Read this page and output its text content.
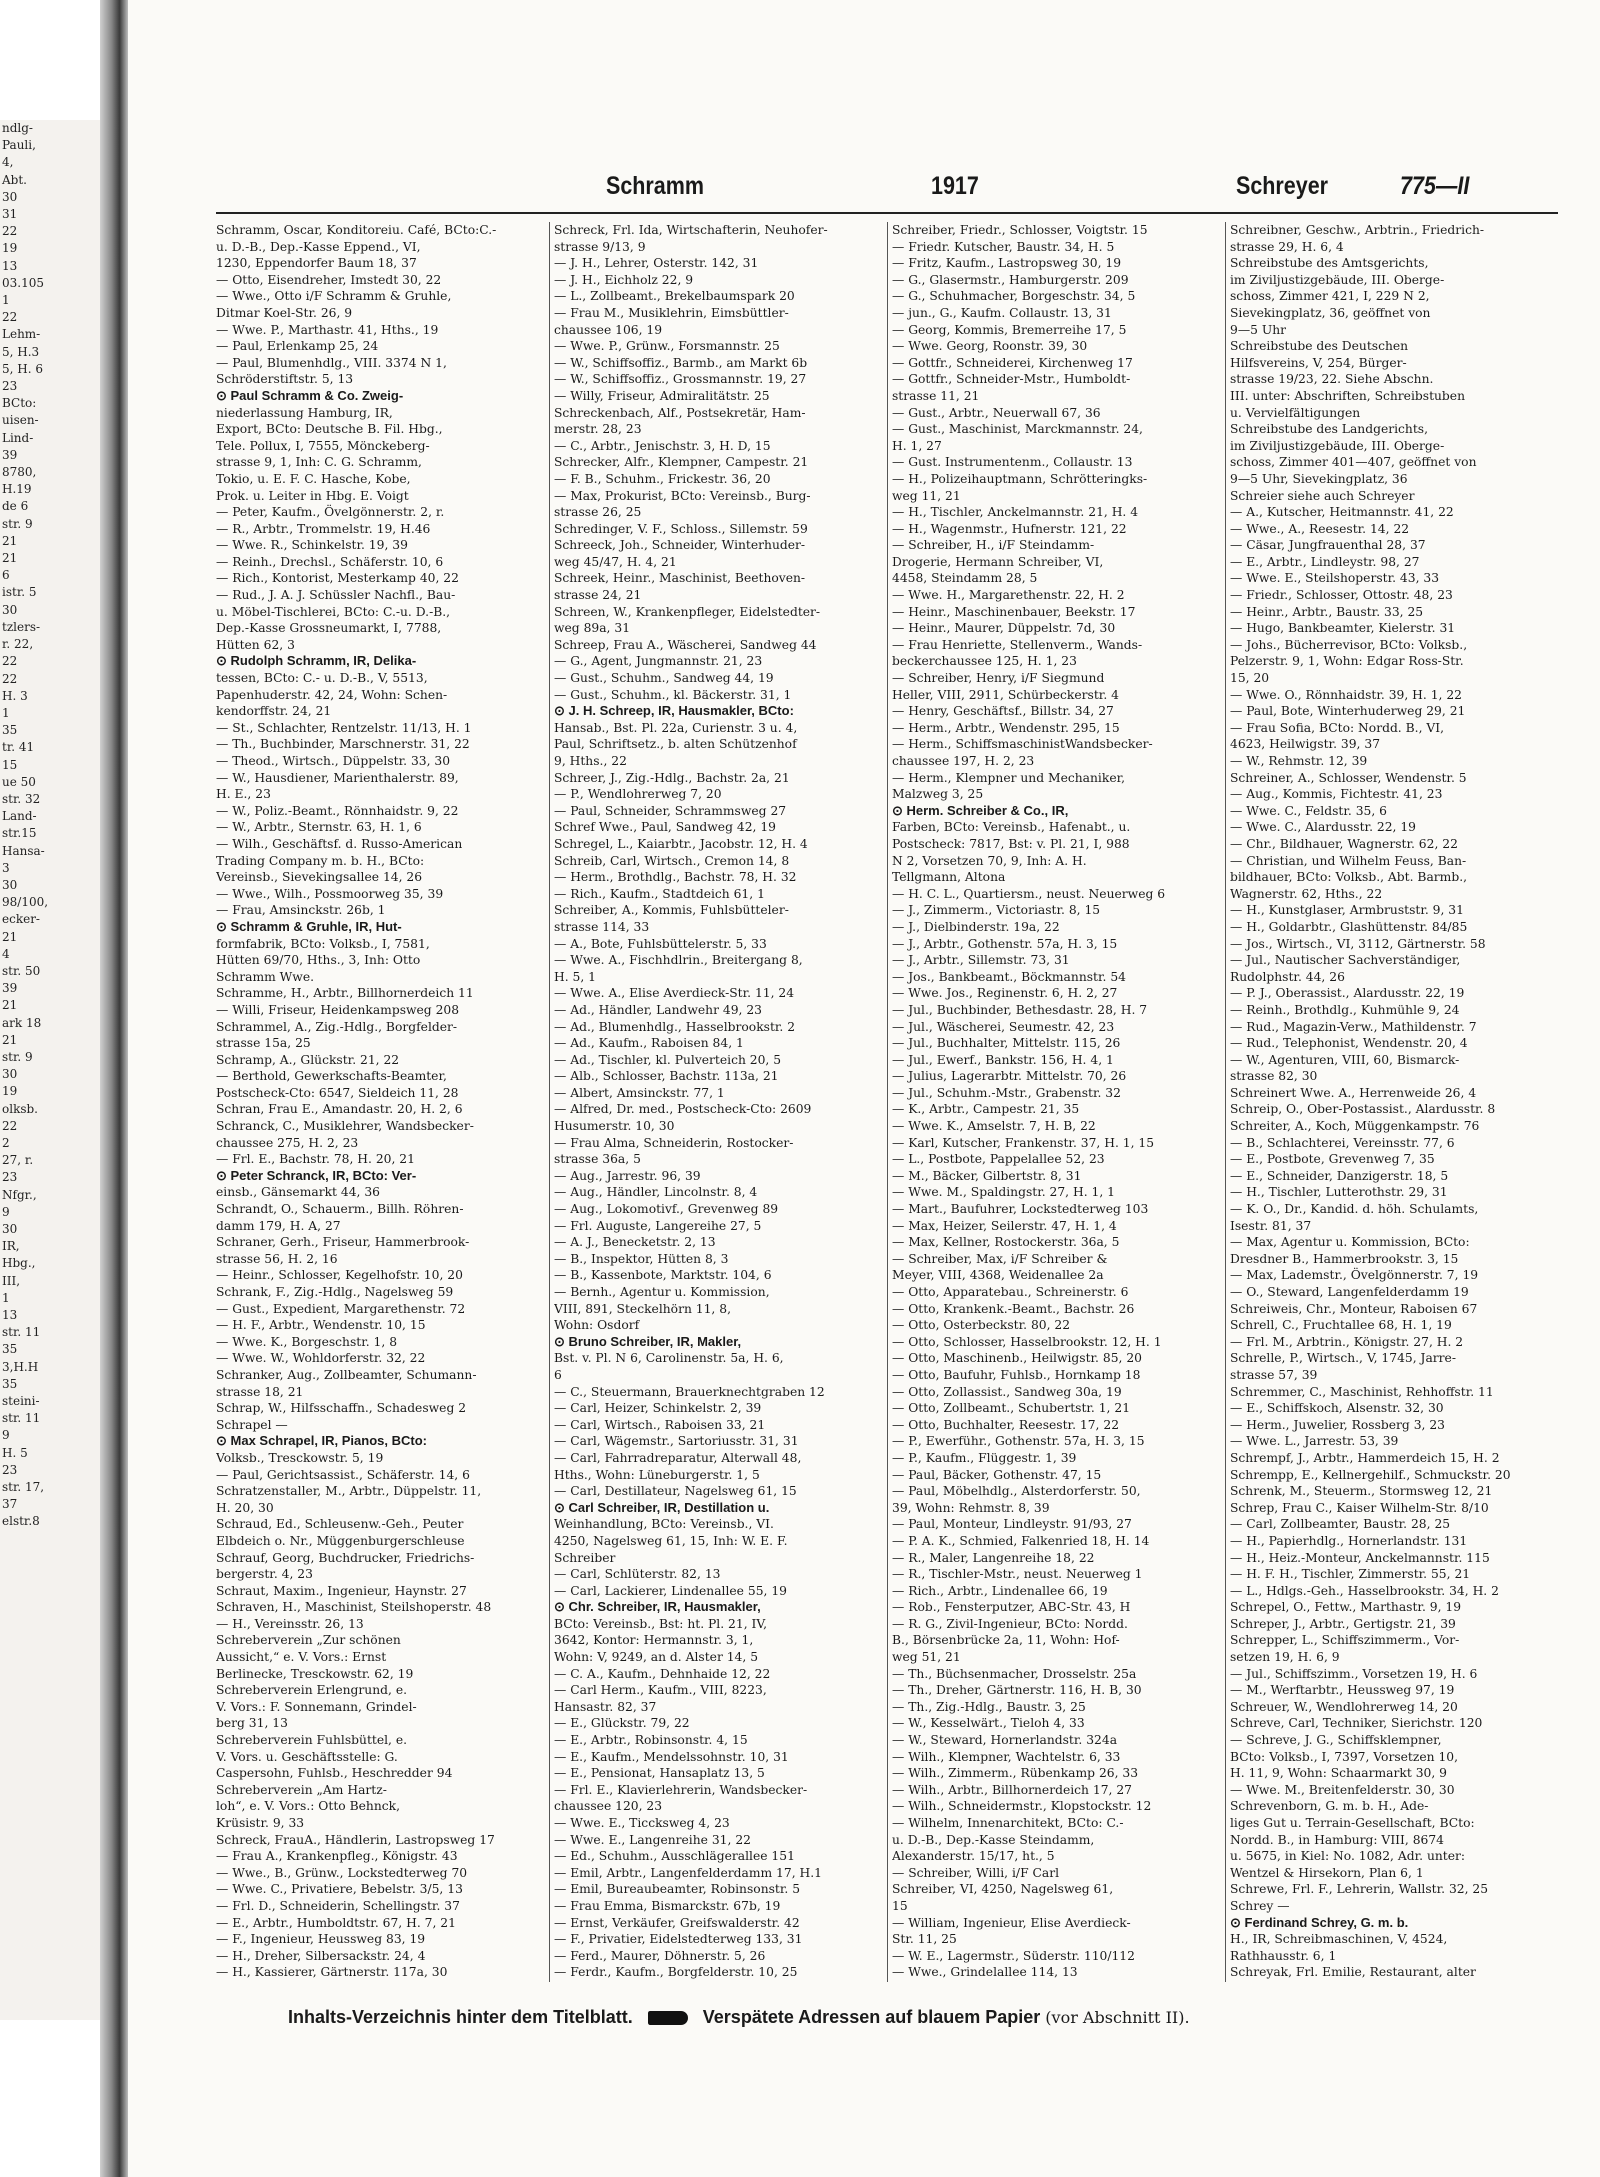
ndlg-
Pauli,
4,
Abt.
30
31
22
19
13
03.105
1
22
Lehm-
5, H.3
5, H. 6
23
BCto:
uisen-
Lind-
39
8780,
H.19
de 6
str. 9
21
21
6
istr. 5
30
tzlers-
r. 22,
22
22
H. 3
1
35
tr. 41
15
ue 50
str. 32
Land-
str.15
Hansa-
3
30
98/100,
ecker-
21
4
str. 50
39
21
ark 18
21
str. 9
30
19
olksb.
22
2
27, r.
23
Nfgr.,
9
30
IR,
Hbg.,
III,
1
13
str. 11
35
3,H.H
35
steini-
str. 11
9
H. 5
23
str. 17,
37
elstr.8
Schramm	1917	Schreyer	775—II
Schramm, Oscar, Konditoreiu. Café, BCto:C.-
u. D.-B., Dep.-Kasse Eppend., VI,
1230, Eppendorfer Baum 18, 37
— Otto, Eisendreher, Imstedt 30, 22
— Wwe., Otto i/F Schramm & Gruhle,
Ditmar Koel-Str. 26, 9
— Wwe. P., Marthastr. 41, Hths., 19
— Paul, Erlenkamp 25, 24
— Paul, Blumenhdlg., VIII. 3374 N 1,
Schröderstiftstr. 5, 13
⊙ Paul Schramm & Co. Zweig-
niederlassung Hamburg, IR,
Export, BCto: Deutsche B. Fil. Hbg.,
Tele. Pollux, I, 7555, Mönckeberg-
strasse 9, 1, Inh: C. G. Schramm,
Tokio, u. E. F. C. Hasche, Kobe,
Prok. u. Leiter in Hbg. E. Voigt
— Peter, Kaufm., Övelgönnerstr. 2, r.
— R., Arbtr., Trommelstr. 19, H.46
— Wwe. R., Schinkelstr. 19, 39
— Reinh., Drechsl., Schäferstr. 10, 6
— Rich., Kontorist, Mesterkamp 40, 22
— Rud., J. A. J. Schüssler Nachfl., Bau-
u. Möbel-Tischlerei, BCto: C.-u. D.-B.,
Dep.-Kasse Grossneumarkt, I, 7788,
Hütten 62, 3
⊙ Rudolph Schramm, IR, Delika-
tessen, BCto: C.- u. D.-B., V, 5513,
Papenhuderstr. 42, 24, Wohn: Schen-
kendorffstr. 24, 21
— St., Schlachter, Rentzelstr. 11/13, H. 1
— Th., Buchbinder, Marschnerstr. 31, 22
— Theod., Wirtsch., Düppelstr. 33, 30
— W., Hausdiener, Marienthalerstr. 89,
H. E., 23
— W., Poliz.-Beamt., Rönnhaidstr. 9, 22
— W., Arbtr., Sternstr. 63, H. 1, 6
— Wilh., Geschäftsf. d. Russo-American
Trading Company m. b. H., BCto:
Vereinsb., Sievekingsallee 14, 26
— Wwe., Wilh., Possmoorweg 35, 39
— Frau, Amsinckstr. 26b, 1
⊙ Schramm & Gruhle, IR, Hut-
formfabrik, BCto: Volksb., I, 7581,
Hütten 69/70, Hths., 3, Inh: Otto
Schramm Wwe.
Schramme, H., Arbtr., Billhornerdeich 11
— Willi, Friseur, Heidenkampsweg 208
Schrammel, A., Zig.-Hdlg., Borgfelder-
strasse 15a, 25
Schramp, A., Glückstr. 21, 22
— Berthold, Gewerkschafts-Beamter,
Postscheck-Cto: 6547, Sieldeich 11, 28
Schran, Frau E., Amandastr. 20, H. 2, 6
Schranck, C., Musiklehrer, Wandsbecker-
chaussee 275, H. 2, 23
— Frl. E., Bachstr. 78, H. 20, 21
⊙ Peter Schranck, IR, BCto: Ver-
einsb., Gänsemarkt 44, 36
Schrandt, O., Schauerm., Billh. Röhren-
damm 179, H. A, 27
Schraner, Gerh., Friseur, Hammerbrook-
strasse 56, H. 2, 16
— Heinr., Schlosser, Kegelhofstr. 10, 20
Schrank, F., Zig.-Hdlg., Nagelsweg 59
— Gust., Expedient, Margarethenstr. 72
— H. F., Arbtr., Wendenstr. 10, 15
— Wwe. K., Borgeschstr. 1, 8
— Wwe. W., Wohldorferstr. 32, 22
Schranker, Aug., Zollbeamter, Schumann-
strasse 18, 21
Schrap, W., Hilfsschaffn., Schadesweg 2
Schrapel —
⊙ Max Schrapel, IR, Pianos, BCto:
Volksb., Tresckowstr. 5, 19
— Paul, Gerichtsassist., Schäferstr. 14, 6
Schratzenstaller, M., Arbtr., Düppelstr. 11,
H. 20, 30
Schraud, Ed., Schleusenw.-Geh., Peuter
Elbdeich o. Nr., Müggenburgerschleuse
Schrauf, Georg, Buchdrucker, Friedrichs-
bergerstr. 4, 23
Schraut, Maxim., Ingenieur, Haynstr. 27
Schraven, H., Maschinist, Steilshoperstr. 48
— H., Vereinsstr. 26, 13
Schreberverein „Zur schönen
Aussicht,“ e. V. Vors.: Ernst
Berlinecke, Tresckowstr. 62, 19
Schreberverein Erlengrund, e.
V. Vors.: F. Sonnemann, Grindel-
berg 31, 13
Schreberverein Fuhlsbüttel, e.
V. Vors. u. Geschäftsstelle: G.
Caspersohn, Fuhlsb., Heschredder 94
Schreberverein „Am Hartz-
loh“, e. V. Vors.: Otto Behnck,
Krüsistr. 9, 33
Schreck, FrauA., Händlerin, Lastropsweg 17
— Frau A., Krankenpfleg., Königstr. 43
— Wwe., B., Grünw., Lockstedterweg 70
— Wwe. C., Privatiere, Bebelstr. 3/5, 13
— Frl. D., Schneiderin, Schellingstr. 37
— E., Arbtr., Humboldtstr. 67, H. 7, 21
— F., Ingenieur, Heussweg 83, 19
— H., Dreher, Silbersackstr. 24, 4
— H., Kassierer, Gärtnerstr. 117a, 30
Schreck, Frl. Ida, Wirtschafterin, Neuhofer-
strasse 9/13, 9
— J. H., Lehrer, Osterstr. 142, 31
— J. H., Eichholz 22, 9
— L., Zollbeamt., Brekelbaumspark 20
— Frau M., Musiklehrin, Eimsbüttler-
chaussee 106, 19
— Wwe. P., Grünw., Forsmannstr. 25
— W., Schiffsoffiz., Barmb., am Markt 6b
— W., Schiffsoffiz., Grossmannstr. 19, 27
— Willy, Friseur, Admiralitätstr. 25
Schreckenbach, Alf., Postsekretär, Ham-
merstr. 28, 23
— C., Arbtr., Jenischstr. 3, H. D, 15
Schrecker, Alfr., Klempner, Campestr. 21
— F. B., Schuhm., Frickestr. 36, 20
— Max, Prokurist, BCto: Vereinsb., Burg-
strasse 26, 25
Schredinger, V. F., Schloss., Sillemstr. 59
Schreeck, Joh., Schneider, Winterhuder-
weg 45/47, H. 4, 21
Schreek, Heinr., Maschinist, Beethoven-
strasse 24, 21
Schreen, W., Krankenpfleger, Eidelstedter-
weg 89a, 31
Schreep, Frau A., Wäscherei, Sandweg 44
— G., Agent, Jungmannstr. 21, 23
— Gust., Schuhm., Sandweg 44, 19
— Gust., Schuhm., kl. Bäckerstr. 31, 1
⊙ J. H. Schreep, IR, Hausmakler, BCto:
Hansab., Bst. Pl. 22a, Curienstr. 3 u. 4,
Paul, Schriftsetz., b. alten Schützenhof
9, Hths., 22
Schreer, J., Zig.-Hdlg., Bachstr. 2a, 21
— P., Wendlohrerweg 7, 20
— Paul, Schneider, Schrammsweg 27
Schref Wwe., Paul, Sandweg 42, 19
Schregel, L., Kaiarbtr., Jacobstr. 12, H. 4
Schreib, Carl, Wirtsch., Cremon 14, 8
— Herm., Brothdlg., Bachstr. 78, H. 32
— Rich., Kaufm., Stadtdeich 61, 1
Schreiber, A., Kommis, Fuhlsbütteler-
strasse 114, 33
— A., Bote, Fuhlsbüttelerstr. 5, 33
— Wwe. A., Fischhdlrin., Breitergang 8,
H. 5, 1
— Wwe. A., Elise Averdieck-Str. 11, 24
— Ad., Händler, Landwehr 49, 23
— Ad., Blumenhdlg., Hasselbrookstr. 2
— Ad., Kaufm., Raboisen 84, 1
— Ad., Tischler, kl. Pulverteich 20, 5
— Alb., Schlosser, Bachstr. 113a, 21
— Albert, Amsinckstr. 77, 1
— Alfred, Dr. med., Postscheck-Cto: 2609
Husumerstr. 10, 30
— Frau Alma, Schneiderin, Rostocker-
strasse 36a, 5
— Aug., Jarrestr. 96, 39
— Aug., Händler, Lincolnstr. 8, 4
— Aug., Lokomotivf., Grevenweg 89
— Frl. Auguste, Langereihe 27, 5
— A. J., Benecketstr. 2, 13
— B., Inspektor, Hütten 8, 3
— B., Kassenbote, Marktstr. 104, 6
— Bernh., Agentur u. Kommission,
VIII, 891, Steckelhörn 11, 8,
Wohn: Osdorf
⊙ Bruno Schreiber, IR, Makler,
Bst. v. Pl. N 6, Carolinenstr. 5a, H. 6,
6
— C., Steuermann, Brauerknechtgraben 12
— Carl, Heizer, Schinkelstr. 2, 39
— Carl, Wirtsch., Raboisen 33, 21
— Carl, Wägemstr., Sartoriusstr. 31, 31
— Carl, Fahrradreparatur, Alterwall 48,
Hths., Wohn: Lüneburgerstr. 1, 5
— Carl, Destillateur, Nagelsweg 61, 15
⊙ Carl Schreiber, IR, Destillation u.
Weinhandlung, BCto: Vereinsb., VI.
4250, Nagelsweg 61, 15, Inh: W. E. F.
Schreiber
— Carl, Schlüterstr. 82, 13
— Carl, Lackierer, Lindenallee 55, 19
⊙ Chr. Schreiber, IR, Hausmakler,
BCto: Vereinsb., Bst: ht. Pl. 21, IV,
3642, Kontor: Hermannstr. 3, 1,
Wohn: V, 9249, an d. Alster 14, 5
— C. A., Kaufm., Dehnhaide 12, 22
— Carl Herm., Kaufm., VIII, 8223,
Hansastr. 82, 37
— E., Glückstr. 79, 22
— E., Arbtr., Robinsonstr. 4, 15
— E., Kaufm., Mendelssohnstr. 10, 31
— E., Pensionat, Hansaplatz 13, 5
— Frl. E., Klavierlehrerin, Wandsbecker-
chaussee 120, 23
— Wwe. E., Ticcksweg 4, 23
— Wwe. E., Langenreihe 31, 22
— Ed., Schuhm., Ausschlägerallee 151
— Emil, Arbtr., Langenfelderdamm 17, H.1
— Emil, Bureaubeamter, Robinsonstr. 5
— Frau Emma, Bismarckstr. 67b, 19
— Ernst, Verkäufer, Greifswalderstr. 42
— F., Privatier, Eidelstedterweg 133, 31
— Ferd., Maurer, Döhnerstr. 5, 26
— Ferdr., Kaufm., Borgfelderstr. 10, 25
Schreiber, Friedr., Schlosser, Voigtstr. 15
— Friedr. Kutscher, Baustr. 34, H. 5
— Fritz, Kaufm., Lastropsweg 30, 19
— G., Glasermstr., Hamburgerstr. 209
— G., Schuhmacher, Borgeschstr. 34, 5
— jun., G., Kaufm. Collaustr. 13, 31
— Georg, Kommis, Bremerreihe 17, 5
— Wwe. Georg, Roonstr. 39, 30
— Gottfr., Schneiderei, Kirchenweg 17
— Gottfr., Schneider-Mstr., Humboldt-
strasse 11, 21
— Gust., Arbtr., Neuerwall 67, 36
— Gust., Maschinist, Marckmannstr. 24,
H. 1, 27
— Gust. Instrumentenm., Collaustr. 13
— H., Polizeihauptmann, Schrötteringks-
weg 11, 21
— H., Tischler, Anckelmannstr. 21, H. 4
— H., Wagenmstr., Hufnerstr. 121, 22
— Schreiber, H., i/F Steindamm-
Drogerie, Hermann Schreiber, VI,
4458, Steindamm 28, 5
— Wwe. H., Margarethenstr. 22, H. 2
— Heinr., Maschinenbauer, Beekstr. 17
— Heinr., Maurer, Düppelstr. 7d, 30
— Frau Henriette, Stellenverm., Wands-
beckerchaussee 125, H. 1, 23
— Schreiber, Henry, i/F Siegmund
Heller, VIII, 2911, Schürbeckerstr. 4
— Henry, Geschäftsf., Billstr. 34, 27
— Herm., Arbtr., Wendenstr. 295, 15
— Herm., SchiffsmaschinistWandsbecker-
chaussee 197, H. 2, 23
— Herm., Klempner und Mechaniker,
Malzweg 3, 25
⊙ Herm. Schreiber & Co., IR,
Farben, BCto: Vereinsb., Hafenabt., u.
Postscheck: 7817, Bst: v. Pl. 21, I, 988
N 2, Vorsetzen 70, 9, Inh: A. H.
Tellgmann, Altona
— H. C. L., Quartiersm., neust. Neuerweg 6
— J., Zimmerm., Victoriastr. 8, 15
— J., Dielbinderstr. 19a, 22
— J., Arbtr., Gothenstr. 57a, H. 3, 15
— J., Arbtr., Sillemstr. 73, 31
— Jos., Bankbeamt., Böckmannstr. 54
— Wwe. Jos., Reginenstr. 6, H. 2, 27
— Jul., Buchbinder, Bethesdastr. 28, H. 7
— Jul., Wäscherei, Seumestr. 42, 23
— Jul., Buchhalter, Mittelstr. 115, 26
— Jul., Ewerf., Bankstr. 156, H. 4, 1
— Julius, Lagerarbtr. Mittelstr. 70, 26
— Jul., Schuhm.-Mstr., Grabenstr. 32
— K., Arbtr., Campestr. 21, 35
— Wwe. K., Amselstr. 7, H. B, 22
— Karl, Kutscher, Frankenstr. 37, H. 1, 15
— L., Postbote, Pappelallee 52, 23
— M., Bäcker, Gilbertstr. 8, 31
— Wwe. M., Spaldingstr. 27, H. 1, 1
— Mart., Baufuhrer, Lockstedterweg 103
— Max, Heizer, Seilerstr. 47, H. 1, 4
— Max, Kellner, Rostockerstr. 36a, 5
— Schreiber, Max, i/F Schreiber &
Meyer, VIII, 4368, Weidenallee 2a
— Otto, Apparatebau., Schreinerstr. 6
— Otto, Krankenk.-Beamt., Bachstr. 26
— Otto, Osterbeckstr. 80, 22
— Otto, Schlosser, Hasselbrookstr. 12, H. 1
— Otto, Maschinenb., Heilwigstr. 85, 20
— Otto, Baufuhr, Fuhlsb., Hornkamp 18
— Otto, Zollassist., Sandweg 30a, 19
— Otto, Zollbeamt., Schubertstr. 1, 21
— Otto, Buchhalter, Reesestr. 17, 22
— P., Ewerführ., Gothenstr. 57a, H. 3, 15
— P., Kaufm., Flüggestr. 1, 39
— Paul, Bäcker, Gothenstr. 47, 15
— Paul, Möbelhdlg., Alsterdorferstr. 50,
39, Wohn: Rehmstr. 8, 39
— Paul, Monteur, Lindleystr. 91/93, 27
— P. A. K., Schmied, Falkenried 18, H. 14
— R., Maler, Langenreihe 18, 22
— R., Tischler-Mstr., neust. Neuerweg 1
— Rich., Arbtr., Lindenallee 66, 19
— Rob., Fensterputzer, ABC-Str. 43, H
— R. G., Zivil-Ingenieur, BCto: Nordd.
B., Börsenbrücke 2a, 11, Wohn: Hof-
weg 51, 21
— Th., Büchsenmacher, Drosselstr. 25a
— Th., Dreher, Gärtnerstr. 116, H. B, 30
— Th., Zig.-Hdlg., Baustr. 3, 25
— W., Kesselwärt., Tieloh 4, 33
— W., Steward, Hornerlandstr. 324a
— Wilh., Klempner, Wachtelstr. 6, 33
— Wilh., Zimmerm., Rübenkamp 26, 33
— Wilh., Arbtr., Billhornerdeich 17, 27
— Wilh., Schneidermstr., Klopstockstr. 12
— Wilhelm, Innenarchitekt, BCto: C.-
u. D.-B., Dep.-Kasse Steindamm,
Alexanderstr. 15/17, ht., 5
— Schreiber, Willi, i/F Carl
Schreiber, VI, 4250, Nagelsweg 61,
15
— William, Ingenieur, Elise Averdieck-
Str. 11, 25
— W. E., Lagermstr., Süderstr. 110/112
— Wwe., Grindelallee 114, 13
Schreibner, Geschw., Arbtrin., Friedrich-
strasse 29, H. 6, 4
Schreibstube des Amtsgerichts,
im Ziviljustizgebäude, III. Oberge-
schoss, Zimmer 421, I, 229 N 2,
Sievekingplatz, 36, geöffnet von
9—5 Uhr
Schreibstube des Deutschen
Hilfsvereins, V, 254, Bürger-
strasse 19/23, 22. Siehe Abschn.
III. unter: Abschriften, Schreibstuben
u. Vervielfältigungen
Schreibstube des Landgerichts,
im Ziviljustizgebäude, III. Oberge-
schoss, Zimmer 401—407, geöffnet von
9—5 Uhr, Sievekingplatz, 36
Schreier siehe auch Schreyer
— A., Kutscher, Heitmannstr. 41, 22
— Wwe., A., Reesestr. 14, 22
— Cäsar, Jungfrauenthal 28, 37
— E., Arbtr., Lindleystr. 98, 27
— Wwe. E., Steilshoperstr. 43, 33
— Friedr., Schlosser, Ottostr. 48, 23
— Heinr., Arbtr., Baustr. 33, 25
— Hugo, Bankbeamter, Kielerstr. 31
— Johs., Bücherrevisor, BCto: Volksb.,
Pelzerstr. 9, 1, Wohn: Edgar Ross-Str.
15, 20
— Wwe. O., Rönnhaidstr. 39, H. 1, 22
— Paul, Bote, Winterhuderweg 29, 21
— Frau Sofia, BCto: Nordd. B., VI,
4623, Heilwigstr. 39, 37
— W., Rehmstr. 12, 39
Schreiner, A., Schlosser, Wendenstr. 5
— Aug., Kommis, Fichtestr. 41, 23
— Wwe. C., Feldstr. 35, 6
— Wwe. C., Alardusstr. 22, 19
— Chr., Bildhauer, Wagnerstr. 62, 22
— Christian, und Wilhelm Feuss, Ban-
bildhauer, BCto: Volksb., Abt. Barmb.,
Wagnerstr. 62, Hths., 22
— H., Kunstglaser, Armbruststr. 9, 31
— H., Goldarbtr., Glashüttenstr. 84/85
— Jos., Wirtsch., VI, 3112, Gärtnerstr. 58
— Jul., Nautischer Sachverständiger,
Rudolphstr. 44, 26
— P. J., Oberassist., Alardusstr. 22, 19
— Reinh., Brothdlg., Kuhmühle 9, 24
— Rud., Magazin-Verw., Mathildenstr. 7
— Rud., Telephonist, Wendenstr. 20, 4
— W., Agenturen, VIII, 60, Bismarck-
strasse 82, 30
Schreinert Wwe. A., Herrenweide 26, 4
Schreip, O., Ober-Postassist., Alardusstr. 8
Schreiter, A., Koch, Müggenkampstr. 76
— B., Schlachterei, Vereinsstr. 77, 6
— E., Postbote, Grevenweg 7, 35
— E., Schneider, Danzigerstr. 18, 5
— H., Tischler, Lutterothstr. 29, 31
— K. O., Dr., Kandid. d. höh. Schulamts,
Isestr. 81, 37
— Max, Agentur u. Kommission, BCto:
Dresdner B., Hammerbrookstr. 3, 15
— Max, Lademstr., Övelgönnerstr. 7, 19
— O., Steward, Langenfelderdamm 19
Schreiweis, Chr., Monteur, Raboisen 67
Schrell, C., Fruchtallee 68, H. 1, 19
— Frl. M., Arbtrin., Königstr. 27, H. 2
Schrelle, P., Wirtsch., V, 1745, Jarre-
strasse 57, 39
Schremmer, C., Maschinist, Rehhoffstr. 11
— E., Schiffskoch, Alsenstr. 32, 30
— Herm., Juwelier, Rossberg 3, 23
— Wwe. L., Jarrestr. 53, 39
Schrempf, J., Arbtr., Hammerdeich 15, H. 2
Schrempp, E., Kellnergehilf., Schmuckstr. 20
Schrenk, M., Steuerm., Stormsweg 12, 21
Schrep, Frau C., Kaiser Wilhelm-Str. 8/10
— Carl, Zollbeamter, Baustr. 28, 25
— H., Papierhdlg., Hornerlandstr. 131
— H., Heiz.-Monteur, Anckelmannstr. 115
— H. F. H., Tischler, Zimmerstr. 55, 21
— L., Hdlgs.-Geh., Hasselbrookstr. 34, H. 2
Schrepel, O., Fettw., Marthastr. 9, 19
Schreper, J., Arbtr., Gertigstr. 21, 39
Schrepper, L., Schiffszimmerm., Vor-
setzen 19, H. 6, 9
— Jul., Schiffszimm., Vorsetzen 19, H. 6
— M., Werftarbtr., Heussweg 97, 19
Schreuer, W., Wendlohrerweg 14, 20
Schreve, Carl, Techniker, Sierichstr. 120
— Schreve, J. G., Schiffsklempner,
BCto: Volksb., I, 7397, Vorsetzen 10,
H. 11, 9, Wohn: Schaarmarkt 30, 9
— Wwe. M., Breitenfelderstr. 30, 30
Schrevenborn, G. m. b. H., Ade-
liges Gut u. Terrain-Gesellschaft, BCto:
Nordd. B., in Hamburg: VIII, 8674
u. 5675, in Kiel: No. 1082, Adr. unter:
Wentzel & Hirsekorn, Plan 6, 1
Schrewe, Frl. F., Lehrerin, Wallstr. 32, 25
Schrey —
⊙ Ferdinand Schrey, G. m. b.
H., IR, Schreibmaschinen, V, 4524,
Rathhausstr. 6, 1
Schreyak, Frl. Emilie, Restaurant, alter
Inhalts-Verzeichnis hinter dem Titelblatt.	Verspätete Adressen auf blauem Papier (vor Abschnitt II).
